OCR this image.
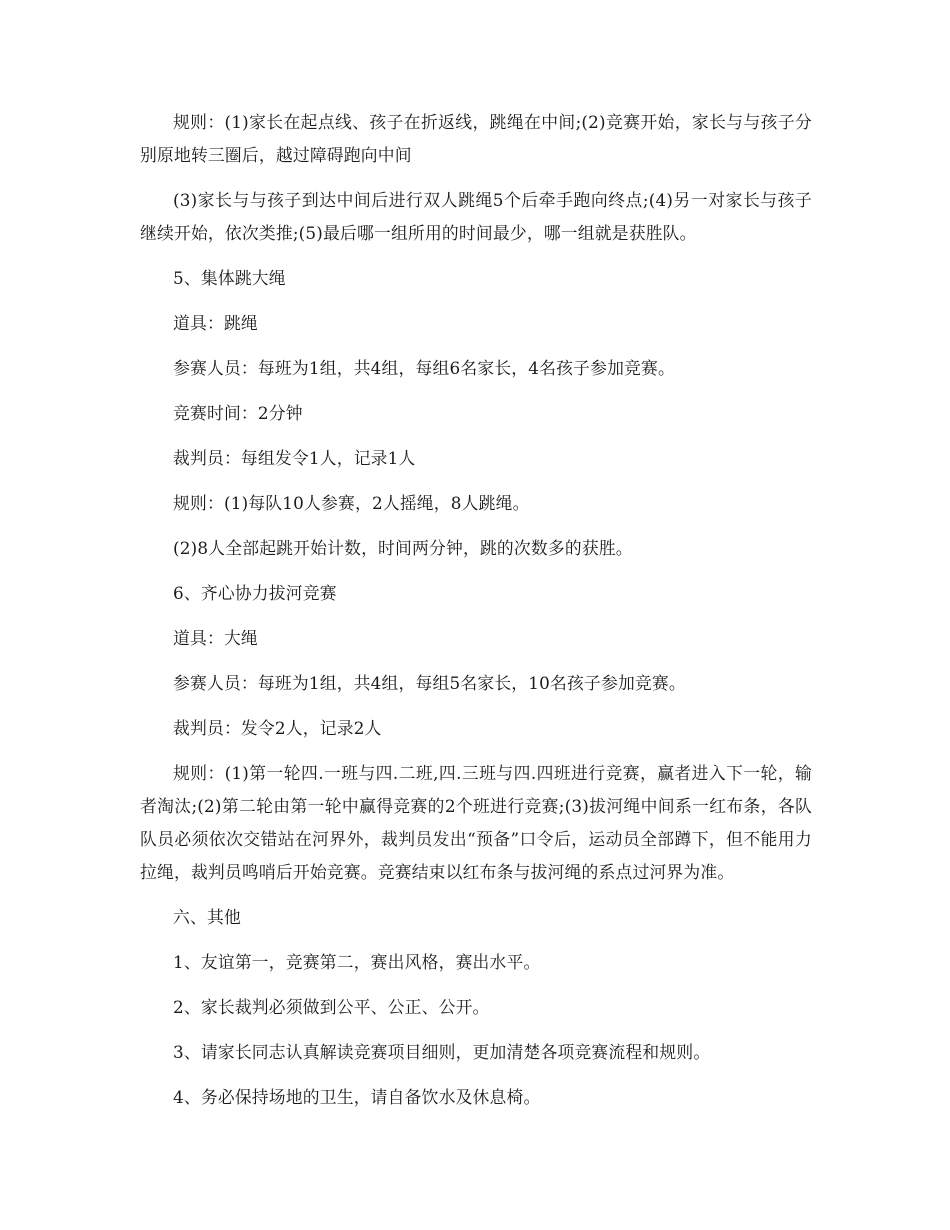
规则：(1)家长在起点线、孩子在折返线，跳绳在中间;(2)竞赛开始，家长与与孩子分别原地转三圈后，越过障碍跑向中间

(3)家长与与孩子到达中间后进行双人跳绳5个后牵手跑向终点;(4)另一对家长与孩子继续开始，依次类推;(5)最后哪一组所用的时间最少，哪一组就是获胜队。

5、集体跳大绳

道具：跳绳

参赛人员：每班为1组，共4组，每组6名家长，4名孩子参加竞赛。

竞赛时间：2分钟

裁判员：每组发令1人，记录1人

规则：(1)每队10人参赛，2人摇绳，8人跳绳。

(2)8人全部起跳开始计数，时间两分钟，跳的次数多的获胜。

6、齐心协力拔河竞赛

道具：大绳

参赛人员：每班为1组，共4组，每组5名家长，10名孩子参加竞赛。

裁判员：发令2人，记录2人

规则：(1)第一轮四.一班与四.二班,四.三班与四.四班进行竞赛，赢者进入下一轮，输者淘汰;(2)第二轮由第一轮中赢得竞赛的2个班进行竞赛;(3)拔河绳中间系一红布条，各队队员必须依次交错站在河界外，裁判员发出“预备”口令后，运动员全部蹲下，但不能用力拉绳，裁判员鸣哨后开始竞赛。竞赛结束以红布条与拔河绳的系点过河界为准。

六、其他

1、友谊第一，竞赛第二，赛出风格，赛出水平。

2、家长裁判必须做到公平、公正、公开。

3、请家长同志认真解读竞赛项目细则，更加清楚各项竞赛流程和规则。

4、务必保持场地的卫生，请自备饮水及休息椅。
